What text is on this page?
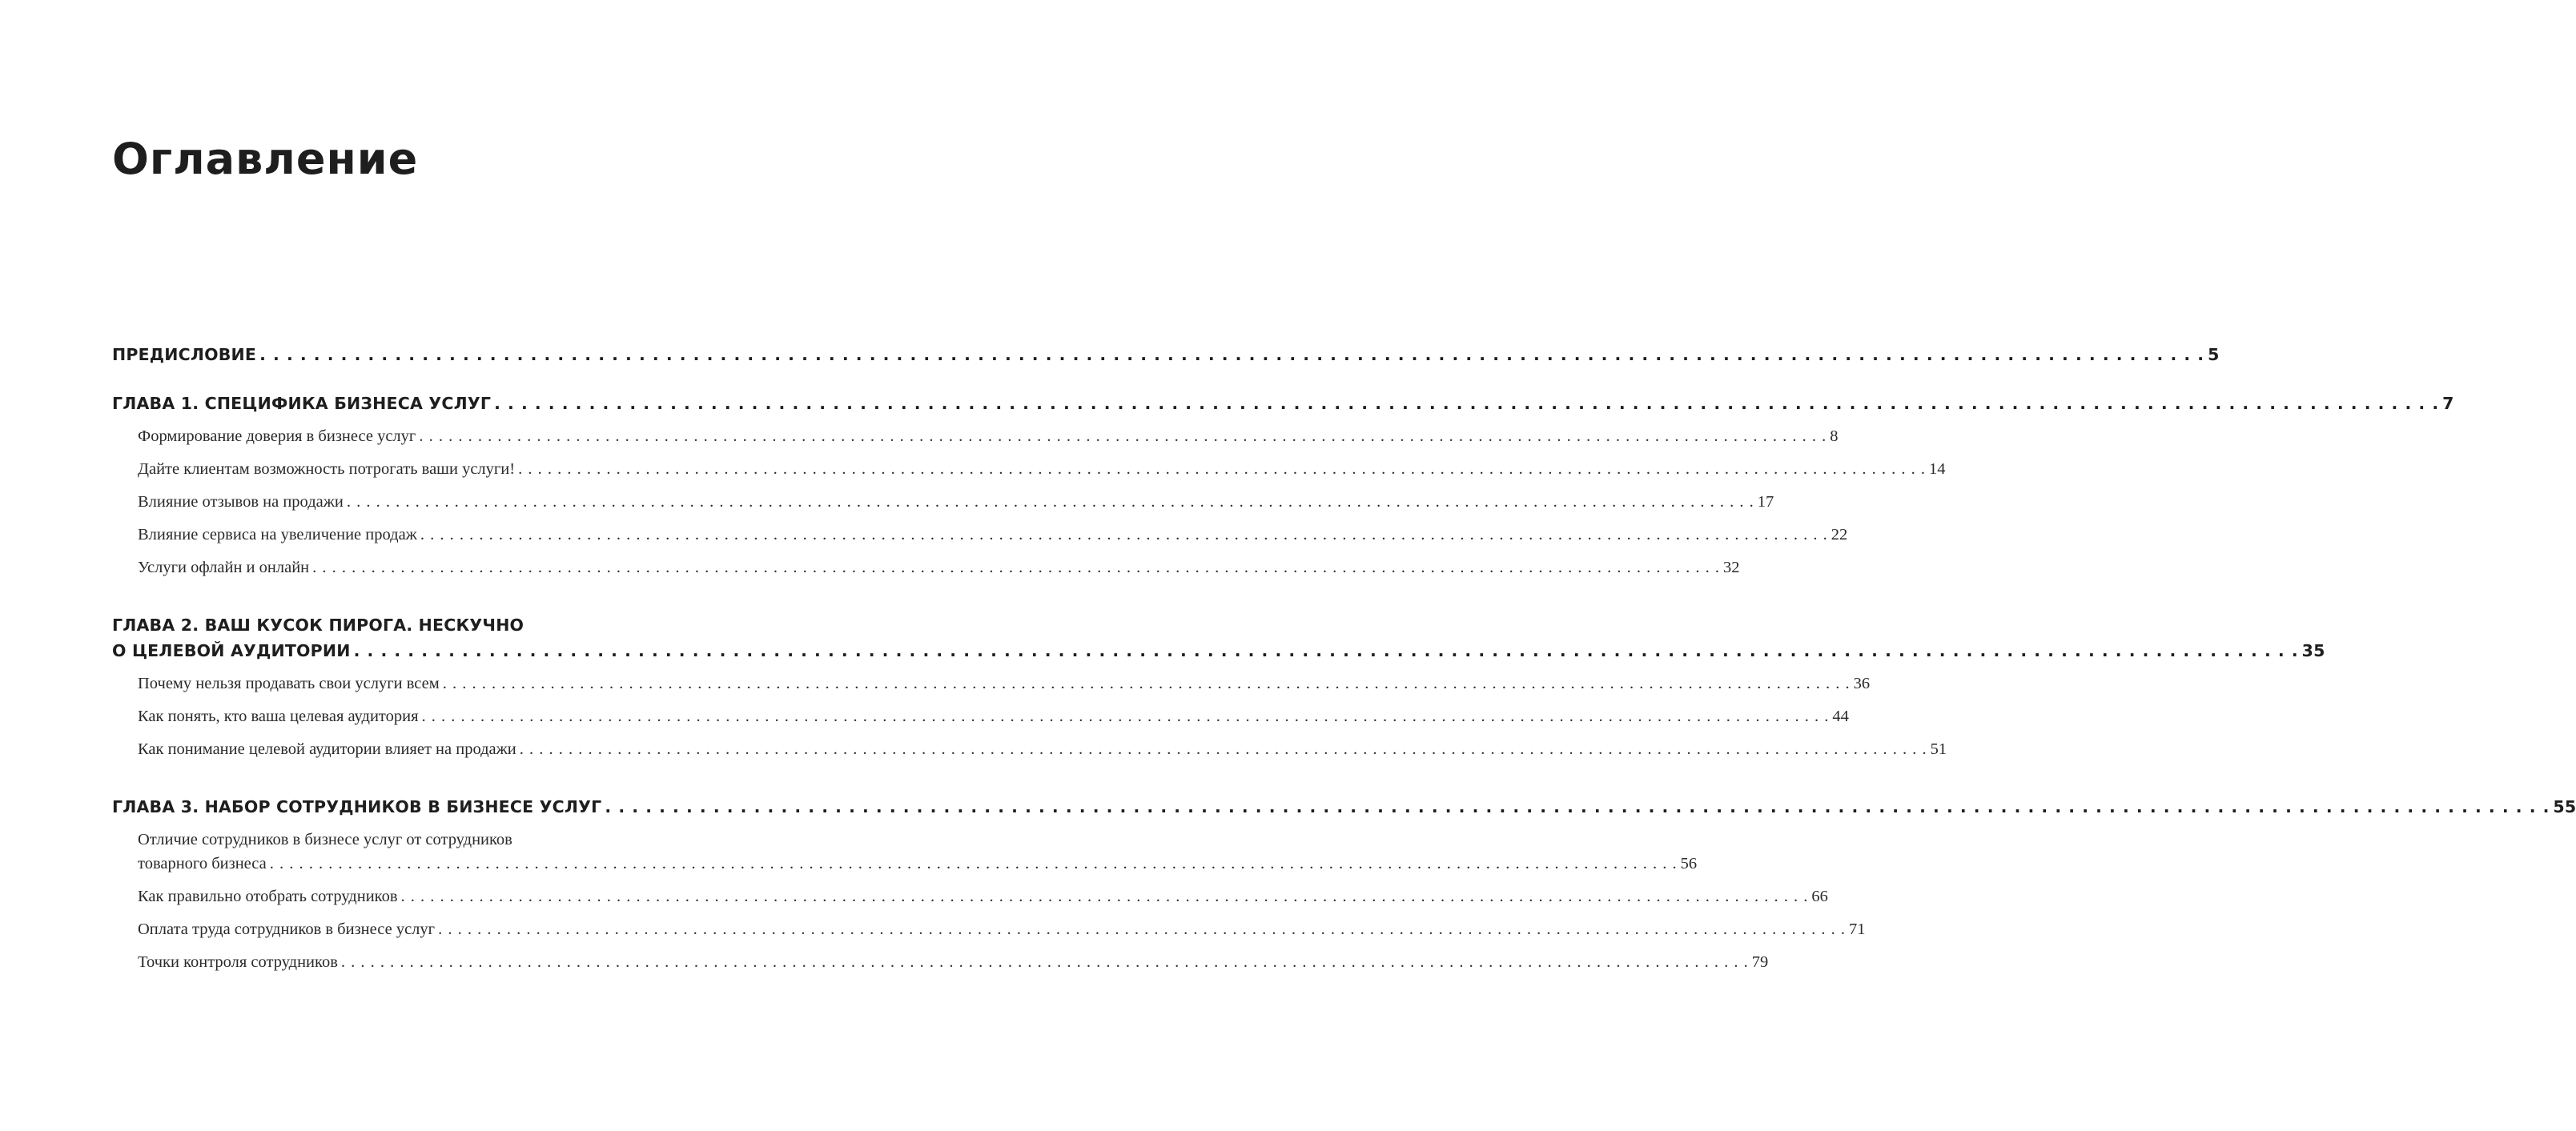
Оглавление
ПРЕДИСЛОВИЕ . . .	5
ГЛАВА 1. СПЕЦИФИКА БИЗНЕСА УСЛУГ . . .	7
Формирование доверия в бизнесе услуг . . .	8
Дайте клиентам возможность потрогать ваши услуги! . . .	14
Влияние отзывов на продажи . . .	17
Влияние сервиса на увеличение продаж . . .	22
Услуги офлайн и онлайн . . .	32
ГЛАВА 2. ВАШ КУСОК ПИРОГА. НЕСКУЧНО
О ЦЕЛЕВОЙ АУДИТОРИИ . . .	35
Почему нельзя продавать свои услуги всем . . .	36
Как понять, кто ваша целевая аудитория . . .	44
Как понимание целевой аудитории влияет на продажи . . .	51
ГЛАВА 3. НАБОР СОТРУДНИКОВ В БИЗНЕСЕ УСЛУГ . . .	55
Отличие сотрудников в бизнесе услуг от сотрудников
товарного бизнеса . . .	56
Как правильно отобрать сотрудников . . .	66
Оплата труда сотрудников в бизнесе услуг . . .	71
Точки контроля сотрудников . . .	79
